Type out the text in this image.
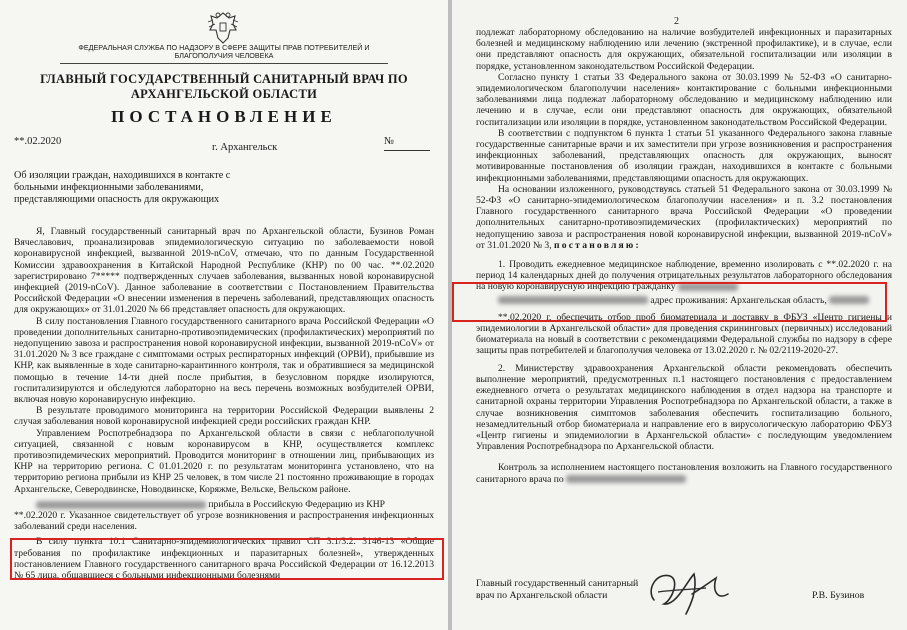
ФЕДЕРАЛЬНАЯ СЛУЖБА ПО НАДЗОРУ В СФЕРЕ ЗАЩИТЫ ПРАВ ПОТРЕБИТЕЛЕЙ И БЛАГОПОЛУЧИЯ ЧЕЛОВЕКА
ГЛАВНЫЙ ГОСУДАРСТВЕННЫЙ САНИТАРНЫЙ ВРАЧ ПО АРХАНГЕЛЬСКОЙ ОБЛАСТИ
ПОСТАНОВЛЕНИЕ
**.02.2020
г. Архангельск
№
Об изоляции граждан, находившихся в контакте с больными инфекционными заболеваниями, представляющими опасность для окружающих

Я, Главный государственный санитарный врач по Архангельской области, Бузинов Роман Вячеславович, проанализировав эпидемиологическую ситуацию по заболеваемости новой коронавирусной инфекцией, вызванной 2019-nCoV, отмечаю, что по данным Государственной Комиссии здравоохранения в Китайской Народной Республике (КНР) по 00 час. **.02.2020 зарегистрировано 7***** подтвержденных случаев заболевания, вызванных новой коронавирусной инфекцией (2019-nCoV). Данное заболевание в соответствии с Постановлением Правительства Российской Федерации «О внесении изменения в перечень заболеваний, представляющих опасность для окружающих» от 31.01.2020 № 66 представляет опасность для окружающих.

В силу постановления Главного государственного санитарного врача Российской Федерации «О проведении дополнительных санитарно-противоэпидемических (профилактических) мероприятий по недопущению завоза и распространения новой коронавирусной инфекции, вызванной 2019-nCoV» от 31.01.2020 № 3 все граждане с симптомами острых респираторных инфекций (ОРВИ), прибывшие из КНР, как выявленные в ходе санитарно-карантинного контроля, так и обратившиеся за медицинской помощью в течение 14-ти дней после прибытия, в безусловном порядке изолируются, госпитализируются и обследуются лабораторно на весь перечень возможных возбудителей ОРВИ, включая новую коронавирусную инфекцию.

В результате проводимого мониторинга на территории Российской Федерации выявлены 2 случая заболевания новой коронавирусной инфекцией среди российских граждан КНР.

Управлением Роспотребнадзора по Архангельской области в связи с неблагополучной ситуацией, связанной с новым коронавирусом в КНР, осуществляется комплекс противоэпидемических мероприятий. Проводится мониторинг в отношении лиц, прибывающих из КНР на территорию региона. С 01.01.2020 г. по результатам мониторинга установлено, что на территорию региона прибыли из КНР 25 человек, в том числе 21 постоянно проживающие в городах Архангельске, Северодвинске, Новодвинске, Коряжме, Вельске, Вельском районе.

прибыла в Российскую Федерацию из КНР

**.02.2020 г. Указанное свидетельствует об угрозе возникновения и распространения инфекционных заболеваний среди населения.

В силу пункта 10.1 Санитарно-эпидемиологических правил СП 3.1/3.2. 3146-13 «Общие требования по профилактике инфекционных и паразитарных болезней», утвержденных постановлением Главного государственного санитарного врача Российской Федерации от 16.12.2013 № 65 лица, общавшиеся с больными инфекционными болезнями

2

подлежат лабораторному обследованию на наличие возбудителей инфекционных и паразитарных болезней и медицинскому наблюдению или лечению (экстренной профилактике), и в случае, если они представляют опасность для окружающих, обязательной госпитализации или изоляции в порядке, установленном законодательством Российской Федерации.

Согласно пункту 1 статьи 33 Федерального закона от 30.03.1999 № 52-ФЗ «О санитарно-эпидемиологическом благополучии населения» контактирование с больными инфекционными заболеваниями лица подлежат лабораторному обследованию и медицинскому наблюдению или лечению и в случае, если они представляют опасность для окружающих, обязательной госпитализации или изоляции в порядке, установленном законодательством Российской Федерации.

В соответствии с подпунктом 6 пункта 1 статьи 51 указанного Федерального закона главные государственные санитарные врачи и их заместители при угрозе возникновения и распространения инфекционных заболеваний, представляющих опасность для окружающих, выносят мотивированные постановления об изоляции граждан, находившихся в контакте с больными инфекционными заболеваниями, представляющими опасность для окружающих.

На основании изложенного, руководствуясь статьей 51 Федерального закона от 30.03.1999 № 52-ФЗ «О санитарно-эпидемиологическом благополучии населения» и п. 3.2 постановления Главного государственного санитарного врача Российской Федерации «О проведении дополнительных санитарно-противоэпидемических (профилактических) мероприятий по недопущению завоза и распространения новой коронавирусной инфекции, вызванной 2019-nCoV» от 31.01.2020 № 3, постановляю:

1. Проводить ежедневное медицинское наблюдение, временно изолировать с **.02.2020 г. на период 14 календарных дней до получения отрицательных результатов лабораторного обследования на новую коронавирусную инфекцию гражданку

адрес проживания: Архангельская область,

**.02.2020 г. обеспечить отбор проб биоматериала и доставку в ФБУЗ «Центр гигиены и эпидемиологии в Архангельской области» для проведения скрининговых (первичных) исследований биоматериала на новый в соответствии с рекомендациями Федеральной службы по надзору в сфере защиты прав потребителей и благополучия человека от 13.02.2020 г. № 02/2119-2020-27.

2. Министерству здравоохранения Архангельской области рекомендовать обеспечить выполнение мероприятий, предусмотренных п.1 настоящего постановления с предоставлением ежедневного отчета о результатах медицинского наблюдения в отдел надзора на транспорте и санитарной охраны территории Управления Роспотребнадзора по Архангельской области, а также в случае возникновения симптомов заболевания обеспечить госпитализацию больного, незамедлительный отбор биоматериала и направление его в вирусологическую лабораторию ФБУЗ «Центр гигиены и эпидемиологии в Архангельской области» с последующим уведомлением Управления Роспотребнадзора по Архангельской области.

Контроль за исполнением настоящего постановления возложить на Главного государственного санитарного врача по

Главный государственный санитарный врач по Архангельской области	Р.В. Бузинов
